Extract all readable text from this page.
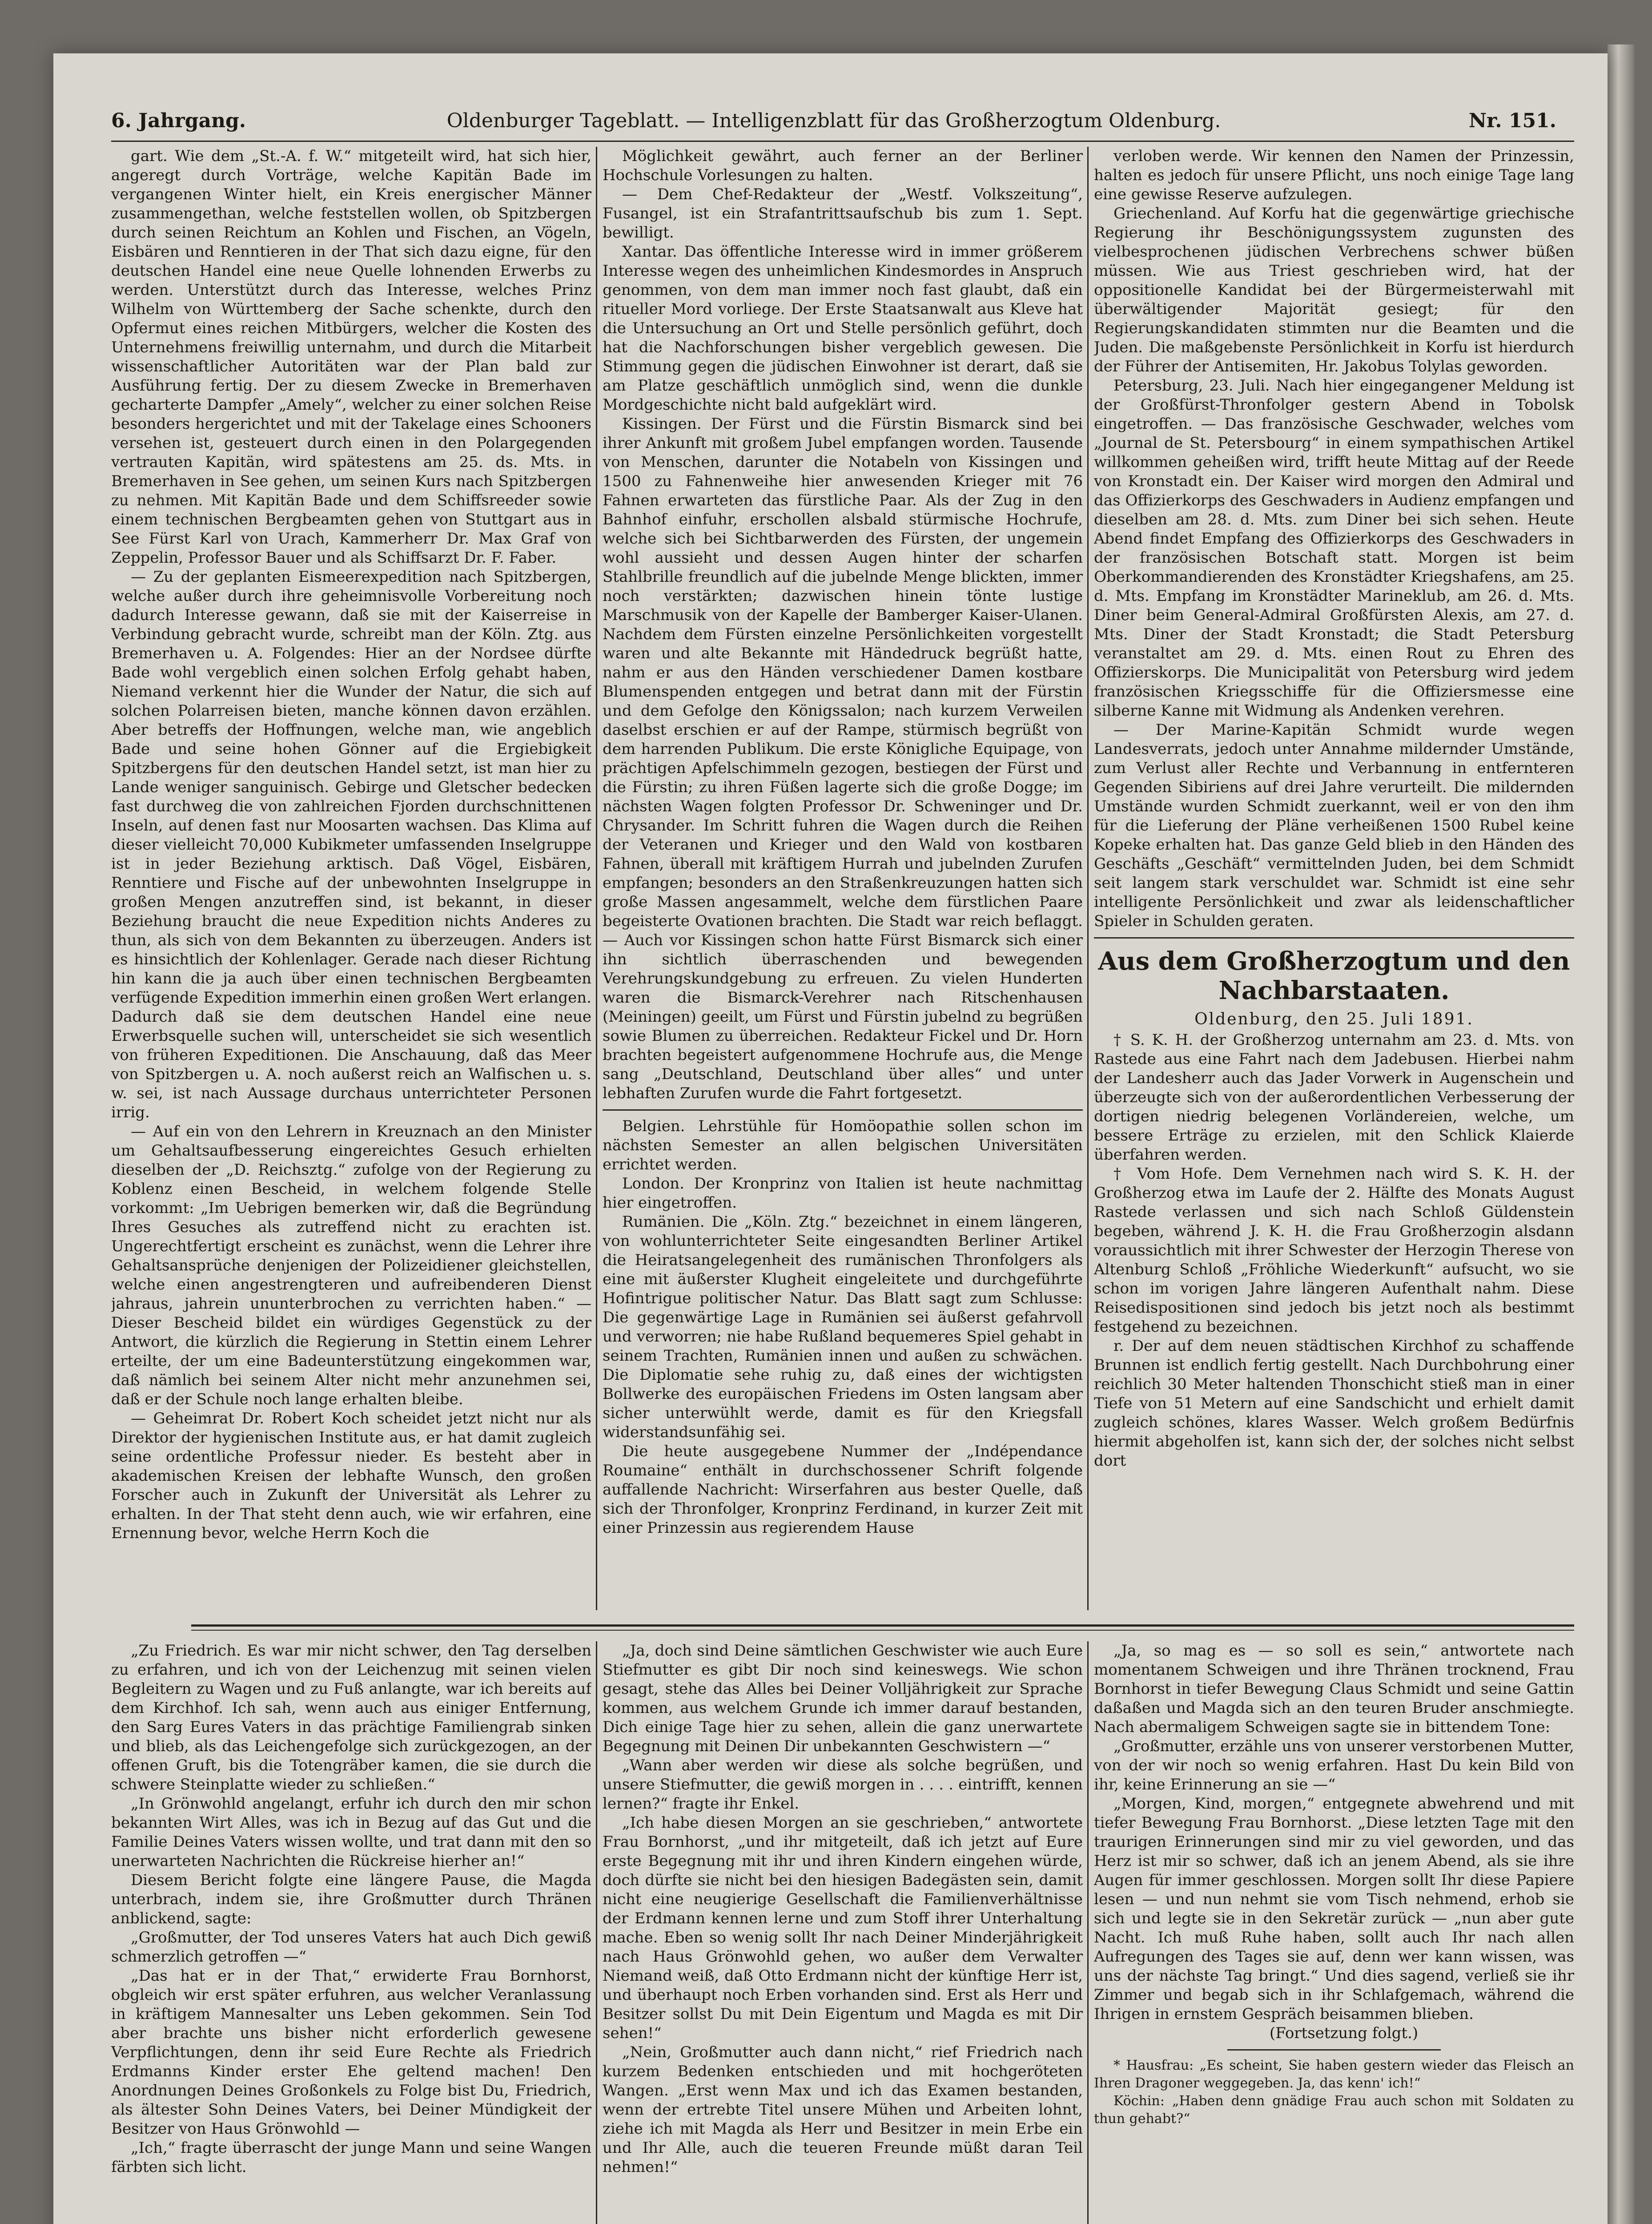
6. Jahrgang.	Oldenburger Tageblatt. — Intelligenzblatt für das Großherzogtum Oldenburg.	Nr. 151.

gart. Wie dem „St.-A. f. W.“ mitgeteilt wird, hat sich hier, angeregt durch Vorträge, welche Kapitän Bade im vergangenen Winter hielt, ein Kreis energischer Männer zusammengethan, welche feststellen wollen, ob Spitzbergen durch seinen Reichtum an Kohlen und Fischen, an Vögeln, Eisbären und Renntieren in der That sich dazu eigne, für den deutschen Handel eine neue Quelle lohnenden Erwerbs zu werden. Unterstützt durch das Interesse, welches Prinz Wilhelm von Württemberg der Sache schenkte, durch den Opfermut eines reichen Mitbürgers, welcher die Kosten des Unternehmens freiwillig unternahm, und durch die Mitarbeit wissenschaftlicher Autoritäten war der Plan bald zur Ausführung fertig. Der zu diesem Zwecke in Bremerhaven gecharterte Dampfer „Amely“, welcher zu einer solchen Reise besonders hergerichtet und mit der Takelage eines Schooners versehen ist, gesteuert durch einen in den Polargegenden vertrauten Kapitän, wird spätestens am 25. ds. Mts. in Bremerhaven in See gehen, um seinen Kurs nach Spitzbergen zu nehmen. Mit Kapitän Bade und dem Schiffsreeder sowie einem technischen Bergbeamten gehen von Stuttgart aus in See Fürst Karl von Urach, Kammerherr Dr. Max Graf von Zeppelin, Professor Bauer und als Schiffsarzt Dr. F. Faber.

— Zu der geplanten Eismeerexpedition nach Spitzbergen, welche außer durch ihre geheimnisvolle Vorbereitung noch dadurch Interesse gewann, daß sie mit der Kaiserreise in Verbindung gebracht wurde, schreibt man der Köln. Ztg. aus Bremerhaven u. A. Folgendes: Hier an der Nordsee dürfte Bade wohl vergeblich einen solchen Erfolg gehabt haben, Niemand verkennt hier die Wunder der Natur, die sich auf solchen Polarreisen bieten, manche können davon erzählen. Aber betreffs der Hoffnungen, welche man, wie angeblich Bade und seine hohen Gönner auf die Ergiebigkeit Spitzbergens für den deutschen Handel setzt, ist man hier zu Lande weniger sanguinisch. Gebirge und Gletscher bedecken fast durchweg die von zahlreichen Fjorden durchschnittenen Inseln, auf denen fast nur Moosarten wachsen. Das Klima auf dieser vielleicht 70,000 Kubikmeter umfassenden Inselgruppe ist in jeder Beziehung arktisch. Daß Vögel, Eisbären, Renntiere und Fische auf der unbewohnten Inselgruppe in großen Mengen anzutreffen sind, ist bekannt, in dieser Beziehung braucht die neue Expedition nichts Anderes zu thun, als sich von dem Bekannten zu überzeugen. Anders ist es hinsichtlich der Kohlenlager. Gerade nach dieser Richtung hin kann die ja auch über einen technischen Bergbeamten verfügende Expedition immerhin einen großen Wert erlangen. Dadurch daß sie dem deutschen Handel eine neue Erwerbsquelle suchen will, unterscheidet sie sich wesentlich von früheren Expeditionen. Die Anschauung, daß das Meer von Spitzbergen u. A. noch außerst reich an Walfischen u. s. w. sei, ist nach Aussage durchaus unterrichteter Personen irrig.

— Auf ein von den Lehrern in Kreuznach an den Minister um Gehaltsaufbesserung eingereichtes Gesuch erhielten dieselben der „D. Reichsztg.“ zufolge von der Regierung zu Koblenz einen Bescheid, in welchem folgende Stelle vorkommt: „Im Uebrigen bemerken wir, daß die Begründung Ihres Gesuches als zutreffend nicht zu erachten ist. Ungerechtfertigt erscheint es zunächst, wenn die Lehrer ihre Gehaltsansprüche denjenigen der Polizeidiener gleichstellen, welche einen angestrengteren und aufreibenderen Dienst jahraus, jahrein ununterbrochen zu verrichten haben.“ — Dieser Bescheid bildet ein würdiges Gegenstück zu der Antwort, die kürzlich die Regierung in Stettin einem Lehrer erteilte, der um eine Badeunterstützung eingekommen war, daß nämlich bei seinem Alter nicht mehr anzunehmen sei, daß er der Schule noch lange erhalten bleibe.

— Geheimrat Dr. Robert Koch scheidet jetzt nicht nur als Direktor der hygienischen Institute aus, er hat damit zugleich seine ordentliche Professur nieder. Es besteht aber in akademischen Kreisen der lebhafte Wunsch, den großen Forscher auch in Zukunft der Universität als Lehrer zu erhalten. In der That steht denn auch, wie wir erfahren, eine Ernennung bevor, welche Herrn Koch die

Möglichkeit gewährt, auch ferner an der Berliner Hochschule Vorlesungen zu halten.

— Dem Chef-Redakteur der „Westf. Volkszeitung“, Fusangel, ist ein Strafantrittsaufschub bis zum 1. Sept. bewilligt.

Xantar. Das öffentliche Interesse wird in immer größerem Interesse wegen des unheimlichen Kindesmordes in Anspruch genommen, von dem man immer noch fast glaubt, daß ein ritueller Mord vorliege. Der Erste Staatsanwalt aus Kleve hat die Untersuchung an Ort und Stelle persönlich geführt, doch hat die Nachforschungen bisher vergeblich gewesen. Die Stimmung gegen die jüdischen Einwohner ist derart, daß sie am Platze geschäftlich unmöglich sind, wenn die dunkle Mordgeschichte nicht bald aufgeklärt wird.

Kissingen. Der Fürst und die Fürstin Bismarck sind bei ihrer Ankunft mit großem Jubel empfangen worden. Tausende von Menschen, darunter die Notabeln von Kissingen und 1500 zu Fahnenweihe hier anwesenden Krieger mit 76 Fahnen erwarteten das fürstliche Paar. Als der Zug in den Bahnhof einfuhr, erschollen alsbald stürmische Hochrufe, welche sich bei Sichtbarwerden des Fürsten, der ungemein wohl aussieht und dessen Augen hinter der scharfen Stahlbrille freundlich auf die jubelnde Menge blickten, immer noch verstärkten; dazwischen hinein tönte lustige Marschmusik von der Kapelle der Bamberger Kaiser-Ulanen. Nachdem dem Fürsten einzelne Persönlichkeiten vorgestellt waren und alte Bekannte mit Händedruck begrüßt hatte, nahm er aus den Händen verschiedener Damen kostbare Blumenspenden entgegen und betrat dann mit der Fürstin und dem Gefolge den Königssalon; nach kurzem Verweilen daselbst erschien er auf der Rampe, stürmisch begrüßt von dem harrenden Publikum. Die erste Königliche Equipage, von prächtigen Apfelschimmeln gezogen, bestiegen der Fürst und die Fürstin; zu ihren Füßen lagerte sich die große Dogge; im nächsten Wagen folgten Professor Dr. Schweninger und Dr. Chrysander. Im Schritt fuhren die Wagen durch die Reihen der Veteranen und Krieger und den Wald von kostbaren Fahnen, überall mit kräftigem Hurrah und jubelnden Zurufen empfangen; besonders an den Straßenkreuzungen hatten sich große Massen angesammelt, welche dem fürstlichen Paare begeisterte Ovationen brachten. Die Stadt war reich beflaggt. — Auch vor Kissingen schon hatte Fürst Bismarck sich einer ihn sichtlich überraschenden und bewegenden Verehrungskundgebung zu erfreuen. Zu vielen Hunderten waren die Bismarck-Verehrer nach Ritschenhausen (Meiningen) geeilt, um Fürst und Fürstin jubelnd zu begrüßen sowie Blumen zu überreichen. Redakteur Fickel und Dr. Horn brachten begeistert aufgenommene Hochrufe aus, die Menge sang „Deutschland, Deutschland über alles“ und unter lebhaften Zurufen wurde die Fahrt fortgesetzt.

Belgien. Lehrstühle für Homöopathie sollen schon im nächsten Semester an allen belgischen Universitäten errichtet werden.

London. Der Kronprinz von Italien ist heute nachmittag hier eingetroffen.

Rumänien. Die „Köln. Ztg.“ bezeichnet in einem längeren, von wohlunterrichteter Seite eingesandten Berliner Artikel die Heiratsangelegenheit des rumänischen Thronfolgers als eine mit äußerster Klugheit eingeleitete und durchgeführte Hofintrigue politischer Natur. Das Blatt sagt zum Schlusse: Die gegenwärtige Lage in Rumänien sei äußerst gefahrvoll und verworren; nie habe Rußland bequemeres Spiel gehabt in seinem Trachten, Rumänien innen und außen zu schwächen. Die Diplomatie sehe ruhig zu, daß eines der wichtigsten Bollwerke des europäischen Friedens im Osten langsam aber sicher unterwühlt werde, damit es für den Kriegsfall widerstandsunfähig sei.

Die heute ausgegebene Nummer der „Indépendance Roumaine“ enthält in durchschossener Schrift folgende auffallende Nachricht: Wirserfahren aus bester Quelle, daß sich der Thronfolger, Kronprinz Ferdinand, in kurzer Zeit mit einer Prinzessin aus regierendem Hause

verloben werde. Wir kennen den Namen der Prinzessin, halten es jedoch für unsere Pflicht, uns noch einige Tage lang eine gewisse Reserve aufzulegen.

Griechenland. Auf Korfu hat die gegenwärtige griechische Regierung ihr Beschönigungssystem zugunsten des vielbesprochenen jüdischen Verbrechens schwer büßen müssen. Wie aus Triest geschrieben wird, hat der oppositionelle Kandidat bei der Bürgermeisterwahl mit überwältigender Majorität gesiegt; für den Regierungskandidaten stimmten nur die Beamten und die Juden. Die maßgebenste Persönlichkeit in Korfu ist hierdurch der Führer der Antisemiten, Hr. Jakobus Tolylas geworden.

Petersburg, 23. Juli. Nach hier eingegangener Meldung ist der Großfürst-Thronfolger gestern Abend in Tobolsk eingetroffen. — Das französische Geschwader, welches vom „Journal de St. Petersbourg“ in einem sympathischen Artikel willkommen geheißen wird, trifft heute Mittag auf der Reede von Kronstadt ein. Der Kaiser wird morgen den Admiral und das Offizierkorps des Geschwaders in Audienz empfangen und dieselben am 28. d. Mts. zum Diner bei sich sehen. Heute Abend findet Empfang des Offizierkorps des Geschwaders in der französischen Botschaft statt. Morgen ist beim Oberkommandierenden des Kronstädter Kriegshafens, am 25. d. Mts. Empfang im Kronstädter Marineklub, am 26. d. Mts. Diner beim General-Admiral Großfürsten Alexis, am 27. d. Mts. Diner der Stadt Kronstadt; die Stadt Petersburg veranstaltet am 29. d. Mts. einen Rout zu Ehren des Offizierskorps. Die Municipalität von Petersburg wird jedem französischen Kriegsschiffe für die Offiziersmesse eine silberne Kanne mit Widmung als Andenken verehren.

— Der Marine-Kapitän Schmidt wurde wegen Landesverrats, jedoch unter Annahme mildernder Umstände, zum Verlust aller Rechte und Verbannung in entfernteren Gegenden Sibiriens auf drei Jahre verurteilt. Die mildernden Umstände wurden Schmidt zuerkannt, weil er von den ihm für die Lieferung der Pläne verheißenen 1500 Rubel keine Kopeke erhalten hat. Das ganze Geld blieb in den Händen des Geschäfts „Geschäft“ vermittelnden Juden, bei dem Schmidt seit langem stark verschuldet war. Schmidt ist eine sehr intelligente Persönlichkeit und zwar als leidenschaftlicher Spieler in Schulden geraten.

Aus dem Großherzogtum und den Nachbarstaaten.
Oldenburg, den 25. Juli 1891.

† S. K. H. der Großherzog unternahm am 23. d. Mts. von Rastede aus eine Fahrt nach dem Jadebusen. Hierbei nahm der Landesherr auch das Jader Vorwerk in Augenschein und überzeugte sich von der außerordentlichen Verbesserung der dortigen niedrig belegenen Vorländereien, welche, um bessere Erträge zu erzielen, mit den Schlick Klaierde überfahren werden.

† Vom Hofe. Dem Vernehmen nach wird S. K. H. der Großherzog etwa im Laufe der 2. Hälfte des Monats August Rastede verlassen und sich nach Schloß Güldenstein begeben, während J. K. H. die Frau Großherzogin alsdann voraussichtlich mit ihrer Schwester der Herzogin Therese von Altenburg Schloß „Fröhliche Wiederkunft“ aufsucht, wo sie schon im vorigen Jahre längeren Aufenthalt nahm. Diese Reisedispositionen sind jedoch bis jetzt noch als bestimmt festgehend zu bezeichnen.

r. Der auf dem neuen städtischen Kirchhof zu schaffende Brunnen ist endlich fertig gestellt. Nach Durchbohrung einer reichlich 30 Meter haltenden Thonschicht stieß man in einer Tiefe von 51 Metern auf eine Sandschicht und erhielt damit zugleich schönes, klares Wasser. Welch großem Bedürfnis hiermit abgeholfen ist, kann sich der, der solches nicht selbst dort

„Zu Friedrich. Es war mir nicht schwer, den Tag derselben zu erfahren, und ich von der Leichenzug mit seinen vielen Begleitern zu Wagen und zu Fuß anlangte, war ich bereits auf dem Kirchhof. Ich sah, wenn auch aus einiger Entfernung, den Sarg Eures Vaters in das prächtige Familiengrab sinken und blieb, als das Leichengefolge sich zurückgezogen, an der offenen Gruft, bis die Totengräber kamen, die sie durch die schwere Steinplatte wieder zu schließen.“

„In Grönwohld angelangt, erfuhr ich durch den mir schon bekannten Wirt Alles, was ich in Bezug auf das Gut und die Familie Deines Vaters wissen wollte, und trat dann mit den so unerwarteten Nachrichten die Rückreise hierher an!“

Diesem Bericht folgte eine längere Pause, die Magda unterbrach, indem sie, ihre Großmutter durch Thränen anblickend, sagte:

„Großmutter, der Tod unseres Vaters hat auch Dich gewiß schmerzlich getroffen —“

„Das hat er in der That,“ erwiderte Frau Bornhorst, obgleich wir erst später erfuhren, aus welcher Veranlassung in kräftigem Mannesalter uns Leben gekommen. Sein Tod aber brachte uns bisher nicht erforderlich gewesene Verpflichtungen, denn ihr seid Eure Rechte als Friedrich Erdmanns Kinder erster Ehe geltend machen! Den Anordnungen Deines Großonkels zu Folge bist Du, Friedrich, als ältester Sohn Deines Vaters, bei Deiner Mündigkeit der Besitzer von Haus Grönwohld —

„Ich,“ fragte überrascht der junge Mann und seine Wangen färbten sich licht.

„Ja, doch sind Deine sämtlichen Geschwister wie auch Eure Stiefmutter es gibt Dir noch sind keineswegs. Wie schon gesagt, stehe das Alles bei Deiner Volljährigkeit zur Sprache kommen, aus welchem Grunde ich immer darauf bestanden, Dich einige Tage hier zu sehen, allein die ganz unerwartete Begegnung mit Deinen Dir unbekannten Geschwistern —“

„Wann aber werden wir diese als solche begrüßen, und unsere Stiefmutter, die gewiß morgen in . . . . eintrifft, kennen lernen?“ fragte ihr Enkel.

„Ich habe diesen Morgen an sie geschrieben,“ antwortete Frau Bornhorst, „und ihr mitgeteilt, daß ich jetzt auf Eure erste Begegnung mit ihr und ihren Kindern eingehen würde, doch dürfte sie nicht bei den hiesigen Badegästen sein, damit nicht eine neugierige Gesellschaft die Familienverhältnisse der Erdmann kennen lerne und zum Stoff ihrer Unterhaltung mache. Eben so wenig sollt Ihr nach Deiner Minderjährigkeit nach Haus Grönwohld gehen, wo außer dem Verwalter Niemand weiß, daß Otto Erdmann nicht der künftige Herr ist, und überhaupt noch Erben vorhanden sind. Erst als Herr und Besitzer sollst Du mit Dein Eigentum und Magda es mit Dir sehen!“

„Nein, Großmutter auch dann nicht,“ rief Friedrich nach kurzem Bedenken entschieden und mit hochgeröteten Wangen. „Erst wenn Max und ich das Examen bestanden, wenn der ertrebte Titel unsere Mühen und Arbeiten lohnt, ziehe ich mit Magda als Herr und Besitzer in mein Erbe ein und Ihr Alle, auch die teueren Freunde müßt daran Teil nehmen!“

„Ja, so mag es — so soll es sein,“ antwortete nach momentanem Schweigen und ihre Thränen trocknend, Frau Bornhorst in tiefer Bewegung Claus Schmidt und seine Gattin daßaßen und Magda sich an den teuren Bruder anschmiegte. Nach abermaligem Schweigen sagte sie in bittendem Tone:

„Großmutter, erzähle uns von unserer verstorbenen Mutter, von der wir noch so wenig erfahren. Hast Du kein Bild von ihr, keine Erinnerung an sie —“

„Morgen, Kind, morgen,“ entgegnete abwehrend und mit tiefer Bewegung Frau Bornhorst. „Diese letzten Tage mit den traurigen Erinnerungen sind mir zu viel geworden, und das Herz ist mir so schwer, daß ich an jenem Abend, als sie ihre Augen für immer geschlossen. Morgen sollt Ihr diese Papiere lesen — und nun nehmt sie vom Tisch nehmend, erhob sie sich und legte sie in den Sekretär zurück — „nun aber gute Nacht. Ich muß Ruhe haben, sollt auch Ihr nach allen Aufregungen des Tages sie auf, denn wer kann wissen, was uns der nächste Tag bringt.“ Und dies sagend, verließ sie ihr Zimmer und begab sich in ihr Schlafgemach, während die Ihrigen in ernstem Gespräch beisammen blieben.

(Fortsetzung folgt.)

* Hausfrau: „Es scheint, Sie haben gestern wieder das Fleisch an Ihren Dragoner weggegeben. Ja, das kenn' ich!“

Köchin: „Haben denn gnädige Frau auch schon mit Soldaten zu thun gehabt?“
